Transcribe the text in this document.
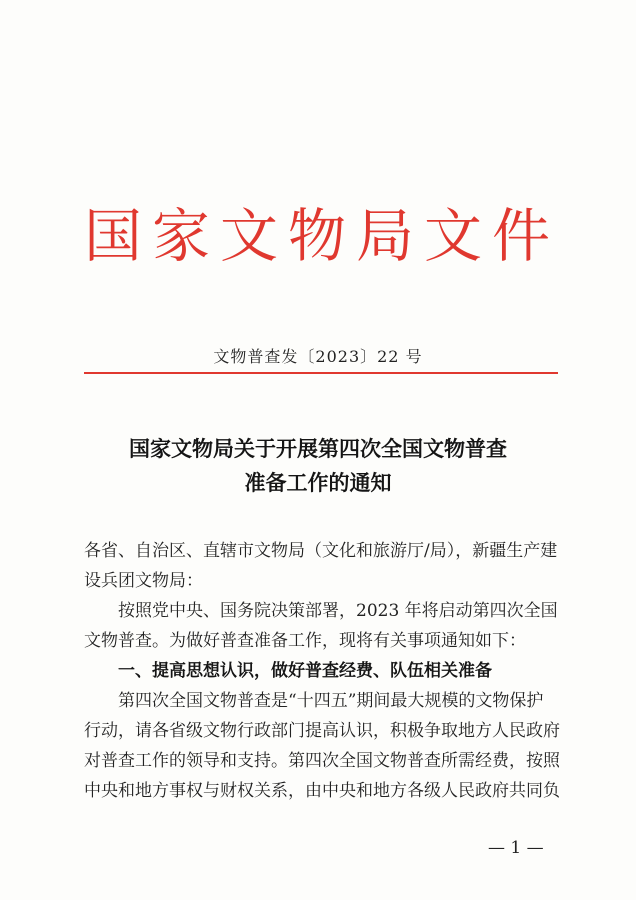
国家文物局文件
文物普查发〔2023〕22 号
国家文物局关于开展第四次全国文物普查
准备工作的通知
各省、自治区、直辖市文物局（文化和旅游厅/局），新疆生产建
设兵团文物局：
按照党中央、国务院决策部署，2023 年将启动第四次全国
文物普查。为做好普查准备工作，现将有关事项通知如下：
一、提高思想认识，做好普查经费、队伍相关准备
第四次全国文物普查是“十四五”期间最大规模的文物保护
行动，请各省级文物行政部门提高认识，积极争取地方人民政府
对普查工作的领导和支持。第四次全国文物普查所需经费，按照
中央和地方事权与财权关系，由中央和地方各级人民政府共同负
— 1 —
